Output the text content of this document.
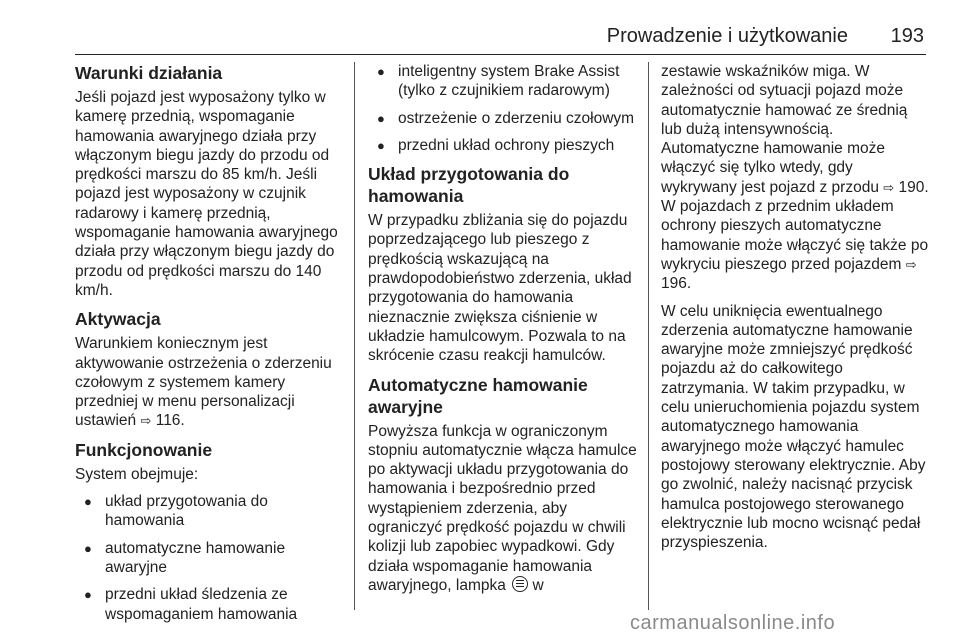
Prowadzenie i użytkowanie 193
Warunki działania

Jeśli pojazd jest wyposażony tylko w kamerę przednią, wspomaganie hamowania awaryjnego działa przy włączonym biegu jazdy do przodu od prędkości marszu do 85 km/h. Jeśli pojazd jest wyposażony w czujnik radarowy i kamerę przednią, wspomaganie hamowania awaryjnego działa przy włączonym biegu jazdy do przodu od prędkości marszu do 140 km/h.

Aktywacja

Warunkiem koniecznym jest aktywowanie ostrzeżenia o zderzeniu czołowym z systemem kamery przedniej w menu personalizacji ustawień ⇨ 116.

Funkcjonowanie

System obejmuje:

● układ przygotowania do hamowania
● automatyczne hamowanie awaryjne
● przedni układ śledzenia ze wspomaganiem hamowania
● inteligentny system Brake Assist (tylko z czujnikiem radarowym)
● ostrzeżenie o zderzeniu czołowym
● przedni układ ochrony pieszych
Układ przygotowania do hamowania

W przypadku zbliżania się do pojazdu poprzedzającego lub pieszego z prędkością wskazującą na prawdopodobieństwo zderzenia, układ przygotowania do hamowania nieznacznie zwiększa ciśnienie w układzie hamulcowym. Pozwala to na skrócenie czasu reakcji hamulców.

Automatyczne hamowanie awaryjne

Powyższa funkcja w ograniczonym stopniu automatycznie włącza hamulce po aktywacji układu przygotowania do hamowania i bezpośrednio przed wystąpieniem zderzenia, aby ograniczyć prędkość pojazdu w chwili kolizji lub zapobiec wypadkowi. Gdy działa wspomaganie hamowania awaryjnego, lampka w

zestawie wskaźników miga. W zależności od sytuacji pojazd może automatycznie hamować ze średnią lub dużą intensywnością. Automatyczne hamowanie może włączyć się tylko wtedy, gdy wykrywany jest pojazd z przodu ⇨ 190. W pojazdach z przednim układem ochrony pieszych automatyczne hamowanie może włączyć się także po wykryciu pieszego przed pojazdem ⇨ 196.

W celu uniknięcia ewentualnego zderzenia automatyczne hamowanie awaryjne może zmniejszyć prędkość pojazdu aż do całkowitego zatrzymania. W takim przypadku, w celu unieruchomienia pojazdu system automatycznego hamowania awaryjnego może włączyć hamulec postojowy sterowany elektrycznie. Aby go zwolnić, należy nacisnąć przycisk hamulca postojowego sterowanego elektrycznie lub mocno wcisnąć pedał przyspieszenia.

carmanualsonline.info
